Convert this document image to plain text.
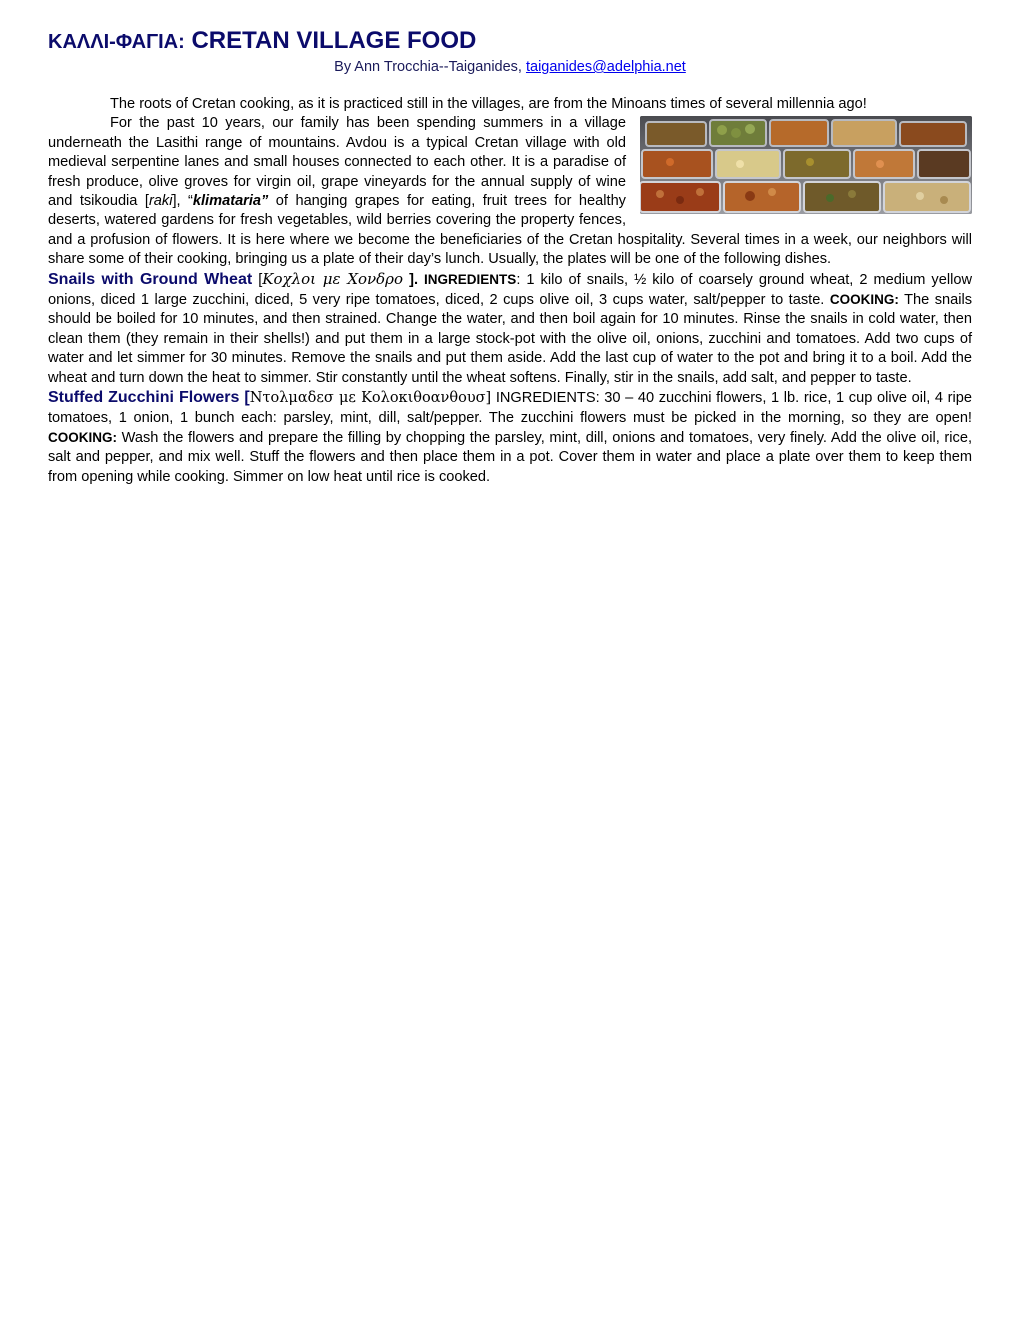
ΚΑΛΛΙ-ΦΑΓΙΑ: CRETAN VILLAGE FOOD
By Ann Trocchia--Taiganides, taiganides@adelphia.net

The roots of Cretan cooking, as it is practiced still in the villages, are from the Minoans times of several millennia ago!

For the past 10 years, our family has been spending summers in a village underneath the Lasithi range of mountains. Avdou is a typical Cretan village with old medieval serpentine lanes and small houses connected to each other. It is a paradise of fresh produce, olive groves for virgin oil, grape vineyards for the annual supply of wine and tsikoudia [raki], “klimataria” of hanging grapes for eating, fruit trees for healthy deserts, watered gardens for fresh vegetables, wild berries covering the property fences, and a profusion of flowers. It is here where we become the beneficiaries of the Cretan hospitality. Several times in a week, our neighbors will share some of their cooking, bringing us a plate of their day’s lunch. Usually, the plates will be one of the following dishes.

Snails with Ground Wheat [Κοχλοι με Χονδρο ]. INGREDIENTS: 1 kilo of snails, ½ kilo of coarsely ground wheat, 2 medium yellow onions, diced 1 large zucchini, diced, 5 very ripe tomatoes, diced, 2 cups olive oil, 3 cups water, salt/pepper to taste. COOKING: The snails should be boiled for 10 minutes, and then strained. Change the water, and then boil again for 10 minutes. Rinse the snails in cold water, then clean them (they remain in their shells!) and put them in a large stock-pot with the olive oil, onions, zucchini and tomatoes. Add two cups of water and let simmer for 30 minutes. Remove the snails and put them aside. Add the last cup of water to the pot and bring it to a boil. Add the wheat and turn down the heat to simmer. Stir constantly until the wheat softens. Finally, stir in the snails, add salt, and pepper to taste.

Stuffed Zucchini Flowers [Ντολμαδεσ με Κολοκιθοανθουσ] INGREDIENTS: 30 – 40 zucchini flowers, 1 lb. rice, 1 cup olive oil, 4 ripe tomatoes, 1 onion, 1 bunch each: parsley, mint, dill, salt/pepper. The zucchini flowers must be picked in the morning, so they are open! COOKING: Wash the flowers and prepare the filling by chopping the parsley, mint, dill, onions and tomatoes, very finely. Add the olive oil, rice, salt and pepper, and mix well. Stuff the flowers and then place them in a pot. Cover them in water and place a plate over them to keep them from opening while cooking. Simmer on low heat until rice is cooked.
